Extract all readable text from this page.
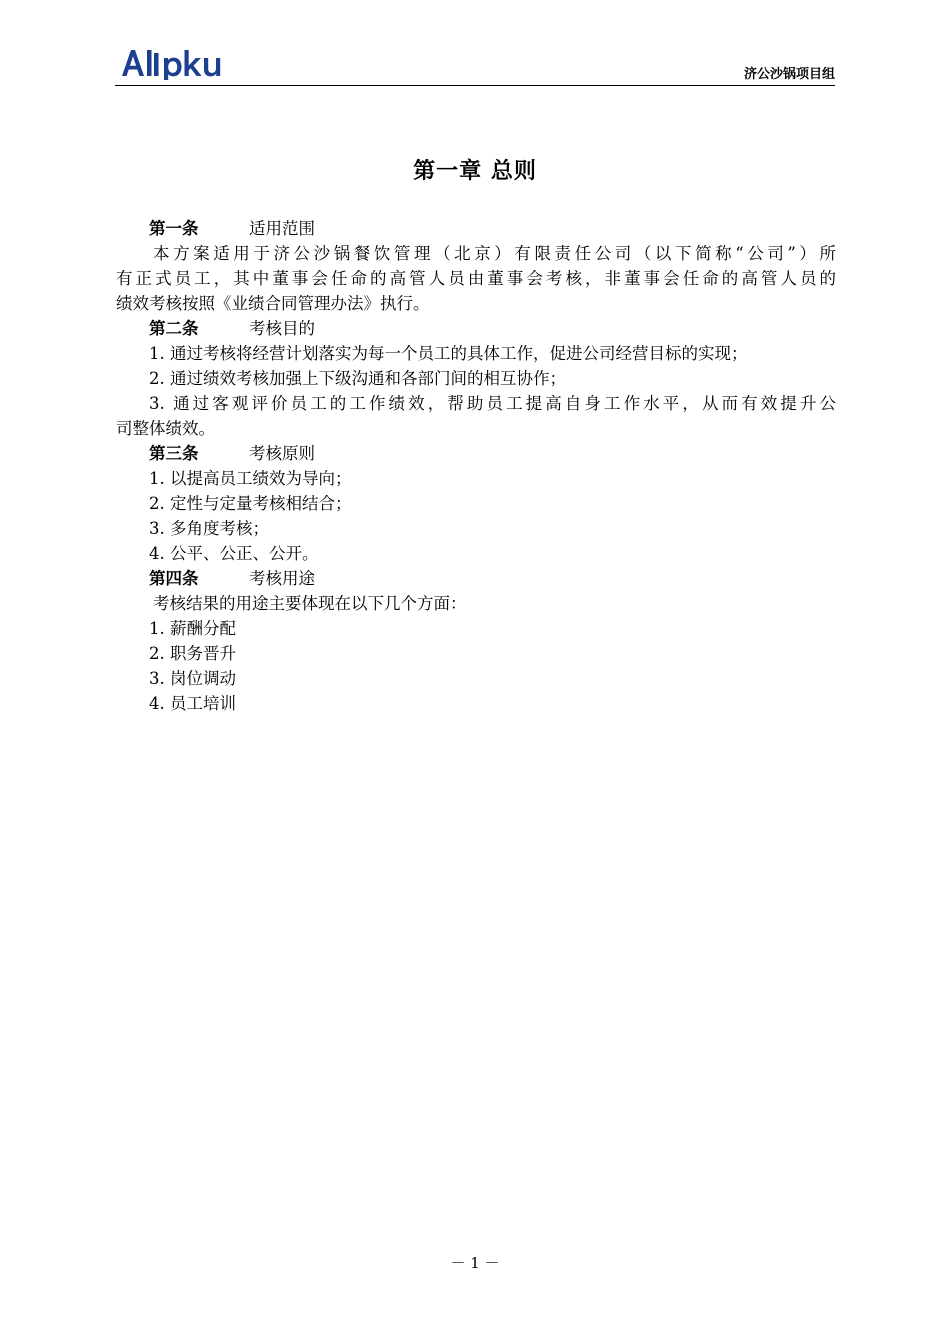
济公沙锅项目组
第一章 总则
第一条	适用范围
本方案适用于济公沙锅餐饮管理（北京）有限责任公司（以下简称“公司”）所
有正式员工，其中董事会任命的高管人员由董事会考核，非董事会任命的高管人员的
绩效考核按照《业绩合同管理办法》执行。
第二条	考核目的
1. 通过考核将经营计划落实为每一个员工的具体工作，促进公司经营目标的实现；
2. 通过绩效考核加强上下级沟通和各部门间的相互协作；
3. 通过客观评价员工的工作绩效，帮助员工提高自身工作水平，从而有效提升公
司整体绩效。
第三条	考核原则
1. 以提高员工绩效为导向；
2. 定性与定量考核相结合；
3. 多角度考核；
4. 公平、公正、公开。
第四条	考核用途
考核结果的用途主要体现在以下几个方面：
1. 薪酬分配
2. 职务晋升
3. 岗位调动
4. 员工培训
－ 1 －
